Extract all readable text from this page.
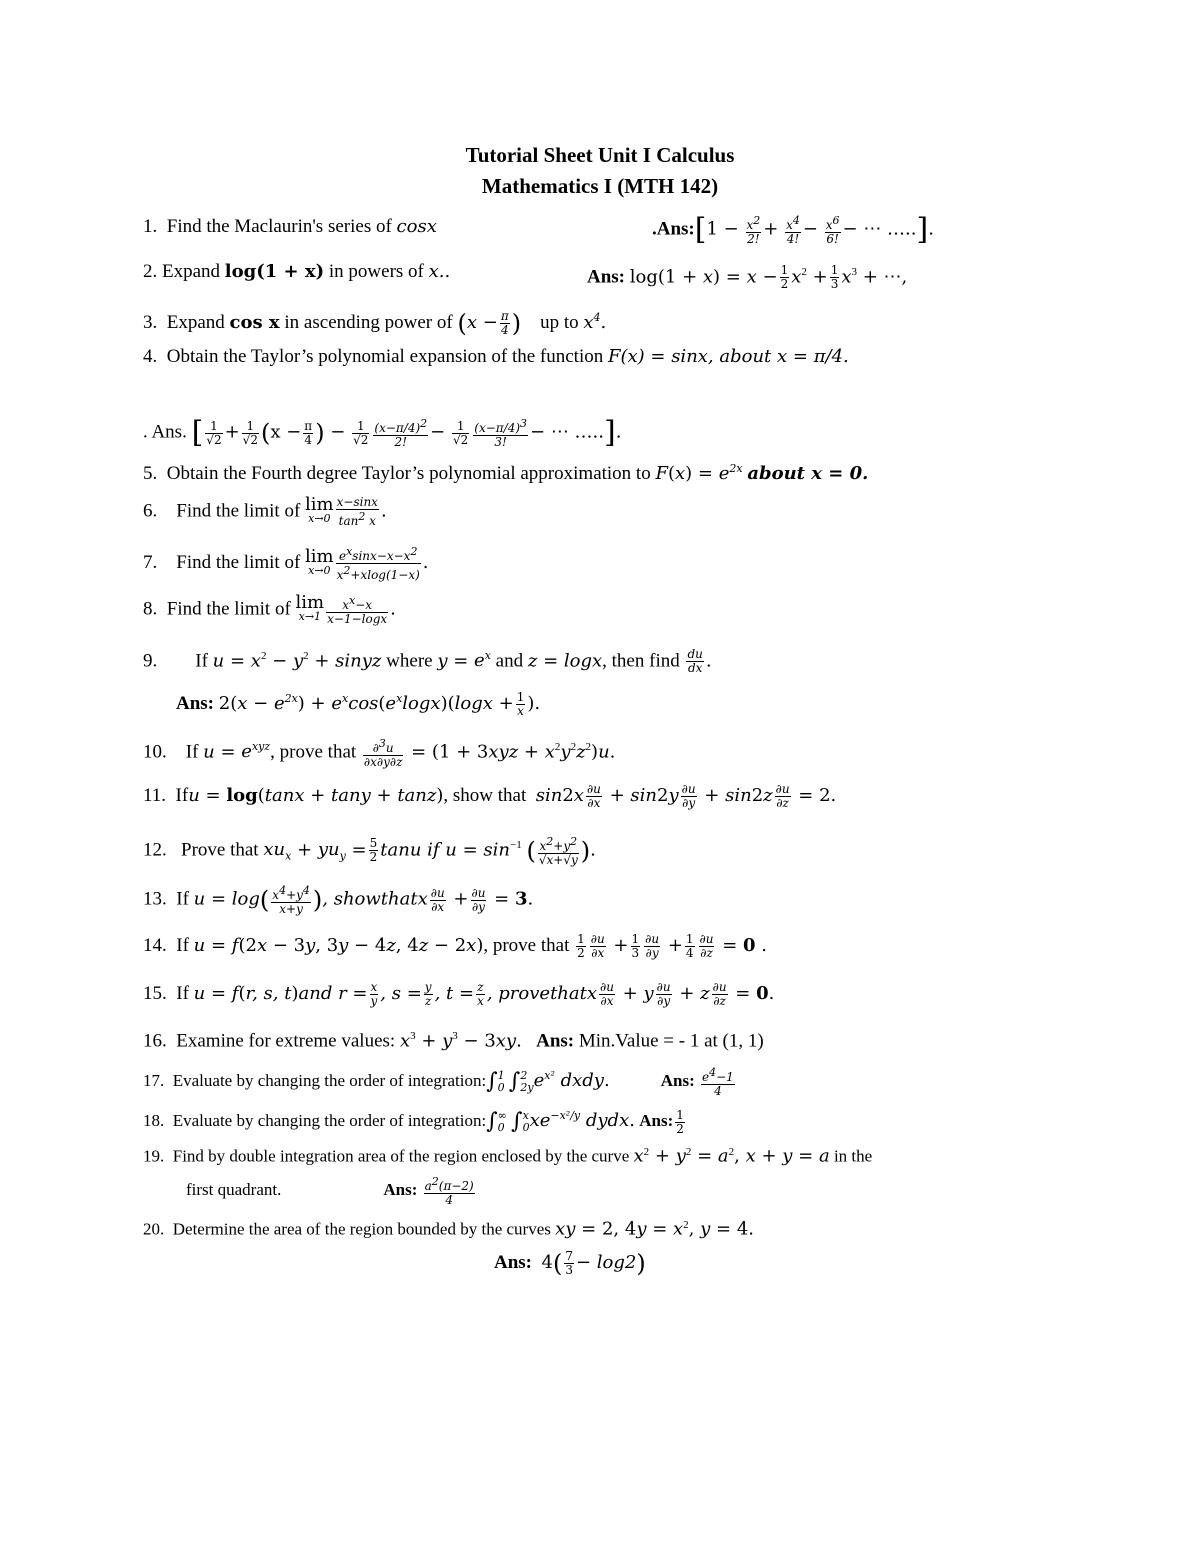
Tutorial Sheet Unit I Calculus
Mathematics I (MTH 142)
1. Find the Maclaurin's series of cosx	.Ans:[1 − $\frac{x^2}{2!} + \frac{x^4}{4!} - \frac{x^6}{6!}$ − ⋯ …..].
2. Expand log(1 + x) in powers of x..	Ans: $\log(1 + x) = x - \frac{1}{2} x^2 + \frac{1}{3} x^3$ + ⋯,
3. Expand cos x in ascending power of ($x - \frac{\pi}{4}$ ) up to $x^4$.
4. Obtain the Taylor’s polynomial expansion of the function F(x) = sinx, about x = π/4.
. Ans. [ $\frac{1}{√2} + \frac{1}{√2} (x - \frac{\pi}{4}$ ) − $\frac{1}{√2} \frac{(x-\pi/4)^2}{2!} - \frac{1}{√2} \frac{(x-\pi/4)^3}{3!}$ − ⋯ …..].
5. Obtain the Fourth degree Taylor’s polynomial approximation to $F(x) = e^{2x}$ about x = 0.
6. Find the limit of lim
$x\to 0 \frac{x-\sin x}{\tan^2 x}$ .
7. Find the limit of lim
$x\to 0 \frac{e^x\sin x-x-x^2}{x^2+xlog(1-x)}$ .
8. Find the limit of lim
$x\to 1 \frac{x^x-x}{x-1-\log x}$ .
9. If $u = x^2 - y^2$ + sinyz where $y = e^x$ and z = logx, then find $\frac{du}{dx}$ .
Ans: $2(x - e^{2x}) + e^x\cos(e^x\log x)(\log x + \frac{1}{x}$ ).
10. If $u = e^{xyz}$, prove that $\frac{\partial^3u}{\partial x\partial y\partial z} = (1 + 3xyz + x^2y^2z^2)u$.
11. Ifu = log(tanx + tany + tanz), show that $\sin 2x \frac{\partial u}{\partial x} + \sin 2y \frac{\partial u}{\partial y} + \sin 2z \frac{\partial u}{\partial z} = 2$.
12. Prove that $xu_x + yu_y = \frac{5}{2}$ tanu if $u = \sin^{-1}$ ( $\frac{x^2+y^2}{√x+√y}$ ).
13. If $u = \log( \frac{x^4+y^4}{x+y}$ ), showthatx $\frac{\partial u}{\partial x} + \frac{\partial u}{\partial y} = 3$.
14. If u = f(2x − 3y, 3y − 4z, 4z − 2x), prove that $\frac{1}{2} \frac{\partial u}{\partial x} + \frac{1}{3} \frac{\partial u}{\partial y} + \frac{1}{4} \frac{\partial u}{\partial z} = 0$ .
15. If u = f(r, s, t)and $r = \frac{x}{y}$ , $s = \frac{y}{z}$ , $t = \frac{z}{x}$ , provethatx $\frac{\partial u}{\partial x} + y \frac{\partial u}{\partial y} + z \frac{\partial u}{\partial z} = 0$.
16. Examine for extreme values: $x^3 + y^3 - 3xy$. Ans: Min.Value = - 1 at (1, 1)
17. Evaluate by changing the order of integration:∫ 1
0 ∫ 2
2y $e^{x^2}$ dxdy.	Ans: $\frac{e^4-1}{4}$
18. Evaluate by changing the order of integration:∫ ∞
0 ∫ x
0 $xe^{-x^2/y}$ dydx. Ans: $\frac{1}{2}$
19. Find by double integration area of the region enclosed by the curve $x^2 + y^2 = a^2$, x + y = a in the
first quadrant.	Ans: $\frac{a^2(\pi-2)}{4}$
20. Determine the area of the region bounded by the curves xy = 2, $4y = x^2$, y = 4.
Ans: $4( \frac{7}{3} - \log 2)$
